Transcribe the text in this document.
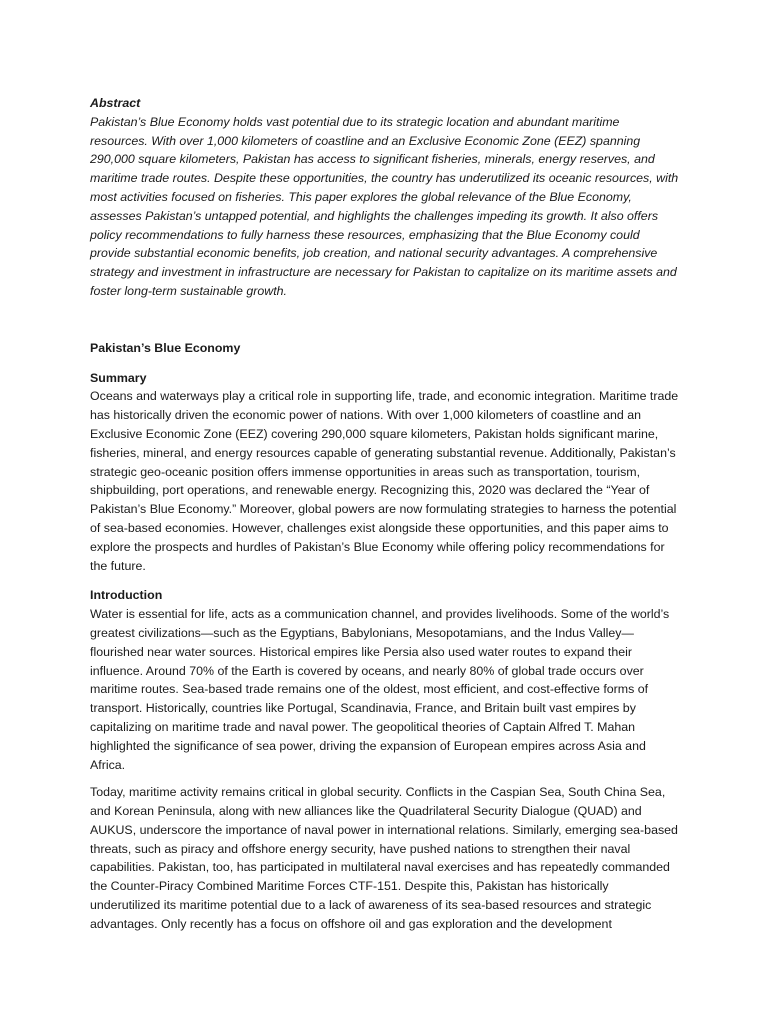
Abstract

Pakistan’s Blue Economy holds vast potential due to its strategic location and abundant maritime resources. With over 1,000 kilometers of coastline and an Exclusive Economic Zone (EEZ) spanning 290,000 square kilometers, Pakistan has access to significant fisheries, minerals, energy reserves, and maritime trade routes. Despite these opportunities, the country has underutilized its oceanic resources, with most activities focused on fisheries. This paper explores the global relevance of the Blue Economy, assesses Pakistan’s untapped potential, and highlights the challenges impeding its growth. It also offers policy recommendations to fully harness these resources, emphasizing that the Blue Economy could provide substantial economic benefits, job creation, and national security advantages. A comprehensive strategy and investment in infrastructure are necessary for Pakistan to capitalize on its maritime assets and foster long-term sustainable growth.

Pakistan’s Blue Economy

Summary

Oceans and waterways play a critical role in supporting life, trade, and economic integration. Maritime trade has historically driven the economic power of nations. With over 1,000 kilometers of coastline and an Exclusive Economic Zone (EEZ) covering 290,000 square kilometers, Pakistan holds significant marine, fisheries, mineral, and energy resources capable of generating substantial revenue. Additionally, Pakistan’s strategic geo-oceanic position offers immense opportunities in areas such as transportation, tourism, shipbuilding, port operations, and renewable energy. Recognizing this, 2020 was declared the “Year of Pakistan’s Blue Economy.” Moreover, global powers are now formulating strategies to harness the potential of sea-based economies. However, challenges exist alongside these opportunities, and this paper aims to explore the prospects and hurdles of Pakistan’s Blue Economy while offering policy recommendations for the future.

Introduction

Water is essential for life, acts as a communication channel, and provides livelihoods. Some of the world’s greatest civilizations—such as the Egyptians, Babylonians, Mesopotamians, and the Indus Valley—flourished near water sources. Historical empires like Persia also used water routes to expand their influence. Around 70% of the Earth is covered by oceans, and nearly 80% of global trade occurs over maritime routes. Sea-based trade remains one of the oldest, most efficient, and cost-effective forms of transport. Historically, countries like Portugal, Scandinavia, France, and Britain built vast empires by capitalizing on maritime trade and naval power. The geopolitical theories of Captain Alfred T. Mahan highlighted the significance of sea power, driving the expansion of European empires across Asia and Africa.

Today, maritime activity remains critical in global security. Conflicts in the Caspian Sea, South China Sea, and Korean Peninsula, along with new alliances like the Quadrilateral Security Dialogue (QUAD) and AUKUS, underscore the importance of naval power in international relations. Similarly, emerging sea-based threats, such as piracy and offshore energy security, have pushed nations to strengthen their naval capabilities. Pakistan, too, has participated in multilateral naval exercises and has repeatedly commanded the Counter-Piracy Combined Maritime Forces CTF-151. Despite this, Pakistan has historically underutilized its maritime potential due to a lack of awareness of its sea-based resources and strategic advantages. Only recently has a focus on offshore oil and gas exploration and the development
